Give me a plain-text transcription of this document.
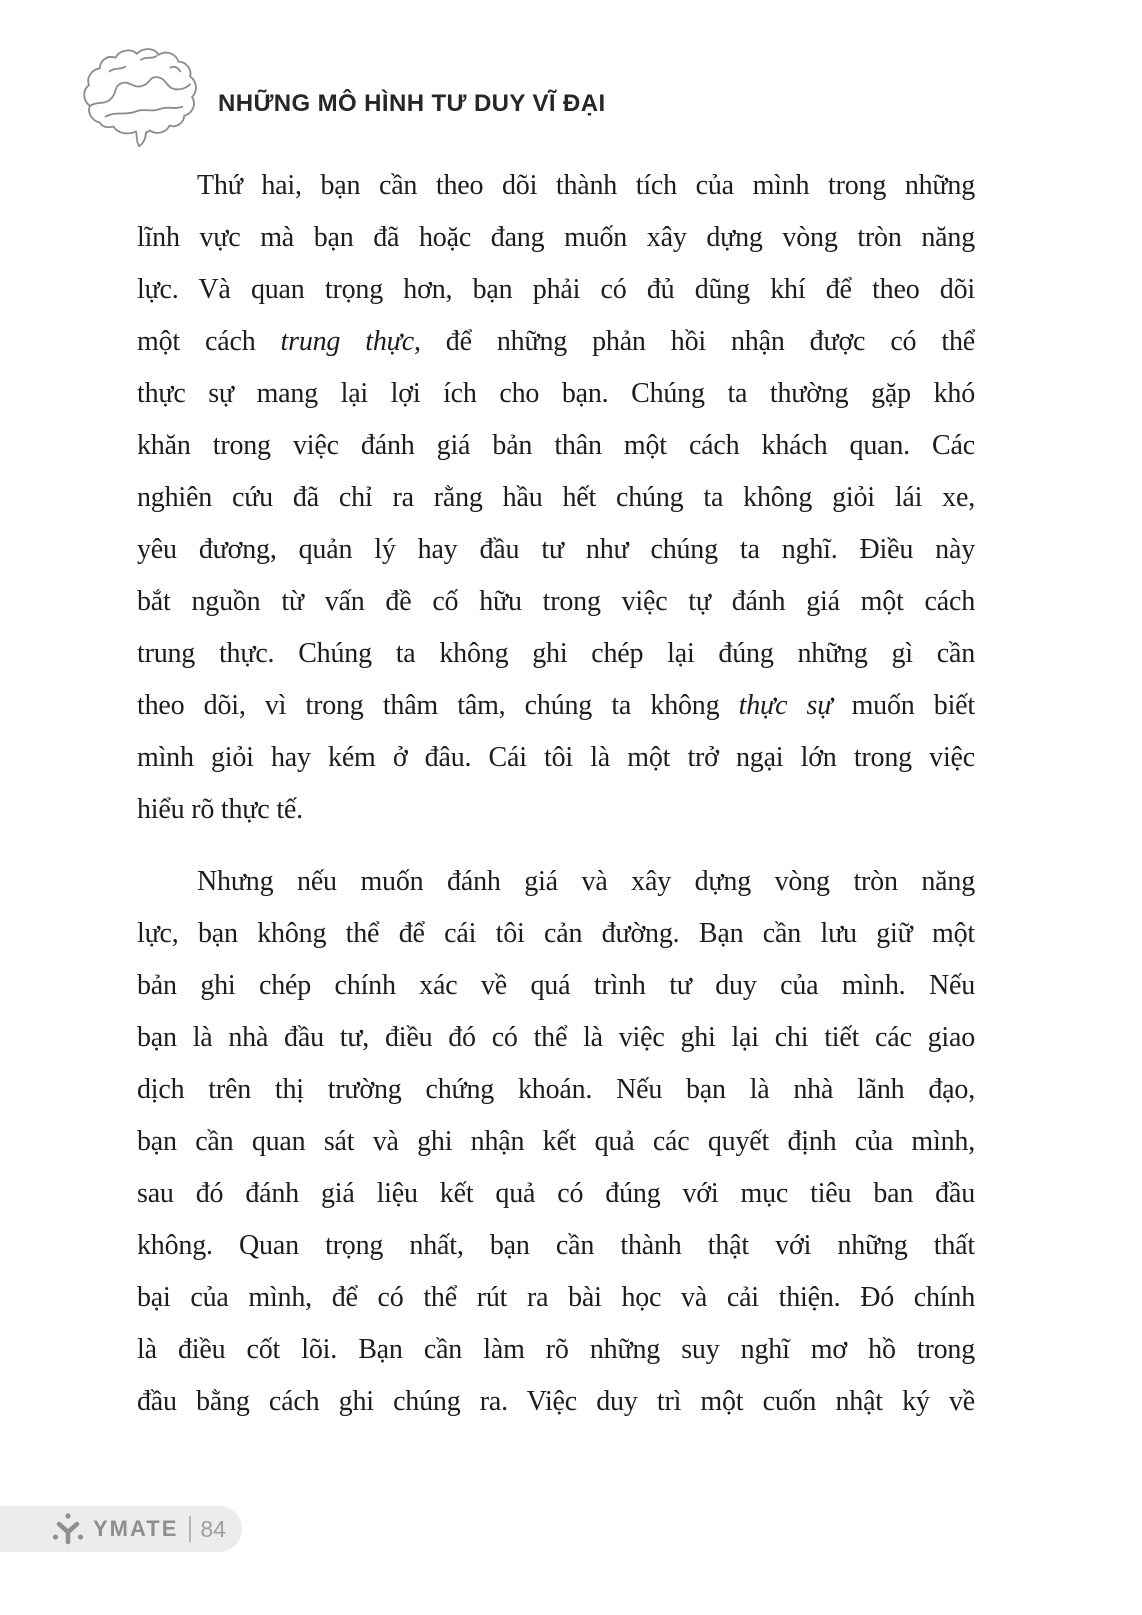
NHỮNG MÔ HÌNH TƯ DUY VĨ ĐẠI
Thứ hai, bạn cần theo dõi thành tích của mình trong những
lĩnh vực mà bạn đã hoặc đang muốn xây dựng vòng tròn năng
lực. Và quan trọng hơn, bạn phải có đủ dũng khí để theo dõi
một cách trung thực, để những phản hồi nhận được có thể
thực sự mang lại lợi ích cho bạn. Chúng ta thường gặp khó
khăn trong việc đánh giá bản thân một cách khách quan. Các
nghiên cứu đã chỉ ra rằng hầu hết chúng ta không giỏi lái xe,
yêu đương, quản lý hay đầu tư như chúng ta nghĩ. Điều này
bắt nguồn từ vấn đề cố hữu trong việc tự đánh giá một cách
trung thực. Chúng ta không ghi chép lại đúng những gì cần
theo dõi, vì trong thâm tâm, chúng ta không thực sự muốn biết
mình giỏi hay kém ở đâu. Cái tôi là một trở ngại lớn trong việc
hiểu rõ thực tế.
Nhưng nếu muốn đánh giá và xây dựng vòng tròn năng
lực, bạn không thể để cái tôi cản đường. Bạn cần lưu giữ một
bản ghi chép chính xác về quá trình tư duy của mình. Nếu
bạn là nhà đầu tư, điều đó có thể là việc ghi lại chi tiết các giao
dịch trên thị trường chứng khoán. Nếu bạn là nhà lãnh đạo,
bạn cần quan sát và ghi nhận kết quả các quyết định của mình,
sau đó đánh giá liệu kết quả có đúng với mục tiêu ban đầu
không. Quan trọng nhất, bạn cần thành thật với những thất
bại của mình, để có thể rút ra bài học và cải thiện. Đó chính
là điều cốt lõi. Bạn cần làm rõ những suy nghĩ mơ hồ trong
đầu bằng cách ghi chúng ra. Việc duy trì một cuốn nhật ký về
YMATE 84
